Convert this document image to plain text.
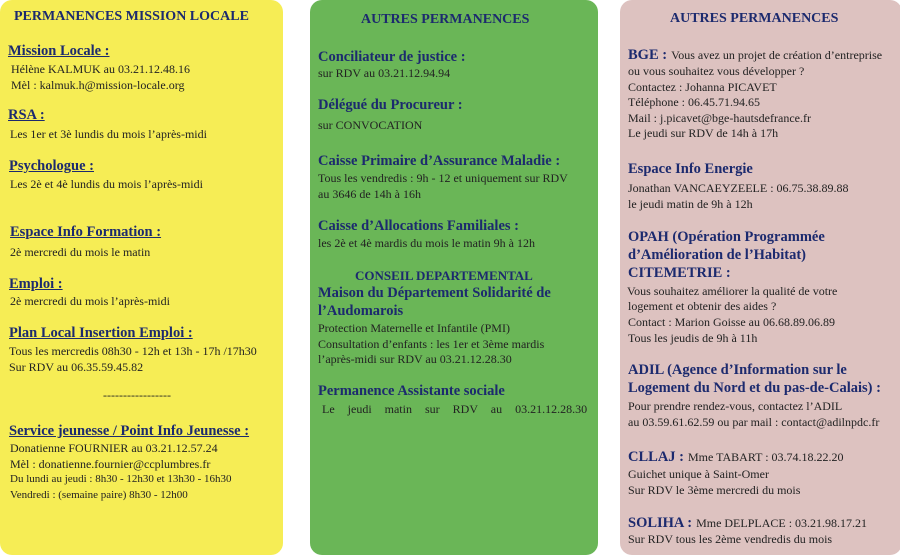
PERMANENCES MISSION LOCALE
Mission Locale :
Hélène KALMUK au 03.21.12.48.16
Mèl : kalmuk.h@mission-locale.org
RSA :
Les 1er et 3è lundis du mois l’après-midi
Psychologue :
Les 2è et 4è lundis du mois l’après-midi
Espace Info Formation :
2è mercredi du mois le matin
Emploi :
2è mercredi du mois l’après-midi
Plan Local Insertion Emploi :
Tous les mercredis 08h30 - 12h et 13h - 17h /17h30
Sur RDV au 06.35.59.45.82
-----------------
Service jeunesse / Point Info Jeunesse :
Donatienne FOURNIER au 03.21.12.57.24
Mèl : donatienne.fournier@ccplumbres.fr
Du lundi au jeudi : 8h30 - 12h30 et 13h30 - 16h30
Vendredi : (semaine paire) 8h30 - 12h00
AUTRES PERMANENCES
Conciliateur de justice :
sur RDV au 03.21.12.94.94
Délégué du Procureur :
sur CONVOCATION
Caisse Primaire d’Assurance Maladie :
Tous les vendredis : 9h - 12 et uniquement sur RDV
au 3646 de 14h à 16h
Caisse d’Allocations Familiales :
les 2è et 4è mardis du mois le matin 9h à 12h
CONSEIL DEPARTEMENTAL
Maison du Département Solidarité de
l’Audomarois
Protection Maternelle et Infantile (PMI)
Consultation d’enfants : les 1er et 3ème mardis
l’après-midi sur RDV au 03.21.12.28.30
Permanence Assistante sociale
Le jeudi matin sur RDV au 03.21.12.28.30
AUTRES PERMANENCES
BGE : Vous avez un projet de création d’entreprise
ou vous souhaitez vous développer ?
Contactez : Johanna PICAVET
Téléphone : 06.45.71.94.65
Mail : j.picavet@bge-hautsdefrance.fr
Le jeudi sur RDV de 14h à 17h
Espace Info Energie
Jonathan VANCAEYZEELE : 06.75.38.89.88
le jeudi matin de 9h à 12h
OPAH (Opération Programmée
d’Amélioration de l’Habitat)
CITEMETRIE :
Vous souhaitez améliorer la qualité de votre
logement et obtenir des aides ?
Contact : Marion Goisse au 06.68.89.06.89
Tous les jeudis de 9h à 11h
ADIL (Agence d’Information sur le
Logement du Nord et du pas-de-Calais) :
Pour prendre rendez-vous, contactez l’ADIL
au 03.59.61.62.59 ou par mail : contact@adilnpdc.fr
CLLAJ : Mme TABART : 03.74.18.22.20
Guichet unique à Saint-Omer
Sur RDV le 3ème mercredi du mois
SOLIHA : Mme DELPLACE : 03.21.98.17.21
Sur RDV tous les 2ème vendredis du mois
